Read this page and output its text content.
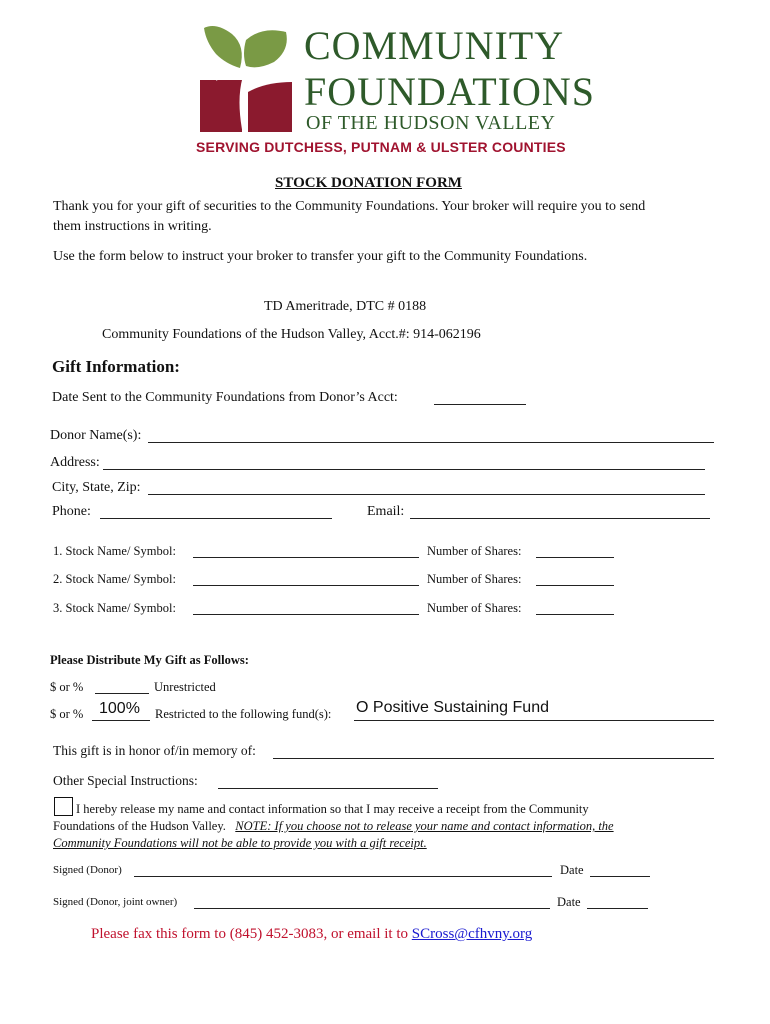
COMMUNITY
FOUNDATIONS
OF THE HUDSON VALLEY
SERVING DUTCHESS, PUTNAM & ULSTER COUNTIES
STOCK DONATION FORM
Thank you for your gift of securities to the Community Foundations. Your broker will require you to send
them instructions in writing.
Use the form below to instruct your broker to transfer your gift to the Community Foundations.
TD Ameritrade, DTC # 0188
Community Foundations of the Hudson Valley, Acct.#: 914-062196
Gift Information:
Date Sent to the Community Foundations from Donor’s Acct:
Donor Name(s):
Address:
City, State, Zip:
Phone:	Email:
1. Stock Name/ Symbol:	Number of Shares:
2. Stock Name/ Symbol:	Number of Shares:
3. Stock Name/ Symbol:	Number of Shares:
Please Distribute My Gift as Follows:
$ or %	Unrestricted
$ or % 100% Restricted to the following fund(s): O Positive Sustaining Fund
This gift is in honor of/in memory of:
Other Special Instructions:
I hereby release my name and contact information so that I may receive a receipt from the Community
Foundations of the Hudson Valley. NOTE: If you choose not to release your name and contact information, the
Community Foundations will not be able to provide you with a gift receipt.
Signed (Donor)	Date
Signed (Donor, joint owner)	Date
Please fax this form to (845) 452-3083, or email it to SCross@cfhvny.org
